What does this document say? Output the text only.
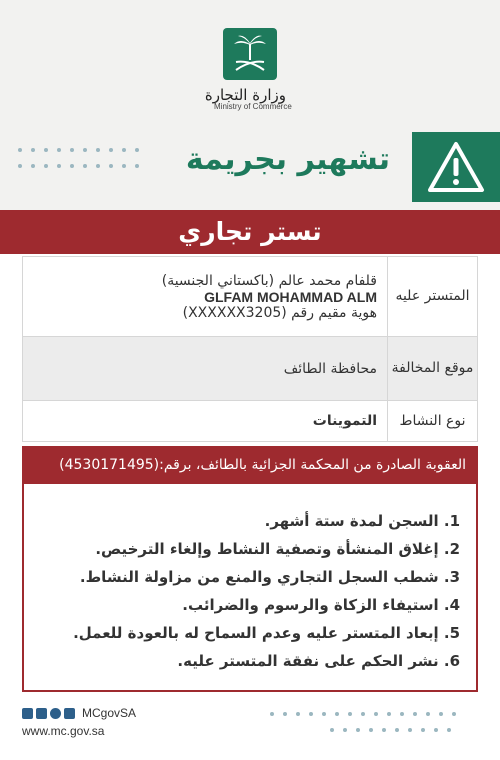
وزارة التجارة
Ministry of Commerce
تشهير بجريمة
تستر تجاري
المتستر عليه
قلفام محمد عالم (باكستاني الجنسية)
GLFAM MOHAMMAD ALM
هوية مقيم رقم (XXXXXX3205)
موقع المخالفة
محافظة الطائف
نوع النشاط
التموينات
العقوبة الصادرة من المحكمة الجزائية بالطائف، برقم:(4530171495)
1. السجن لمدة ستة أشهر.
2. إغلاق المنشأة وتصفية النشاط وإلغاء الترخيص.
3. شطب السجل التجاري والمنع من مزاولة النشاط.
4. استيفاء الزكاة والرسوم والضرائب.
5. إبعاد المتستر عليه وعدم السماح له بالعودة للعمل.
6. نشر الحكم على نفقة المتستر عليه.
MCgovSA
www.mc.gov.sa
